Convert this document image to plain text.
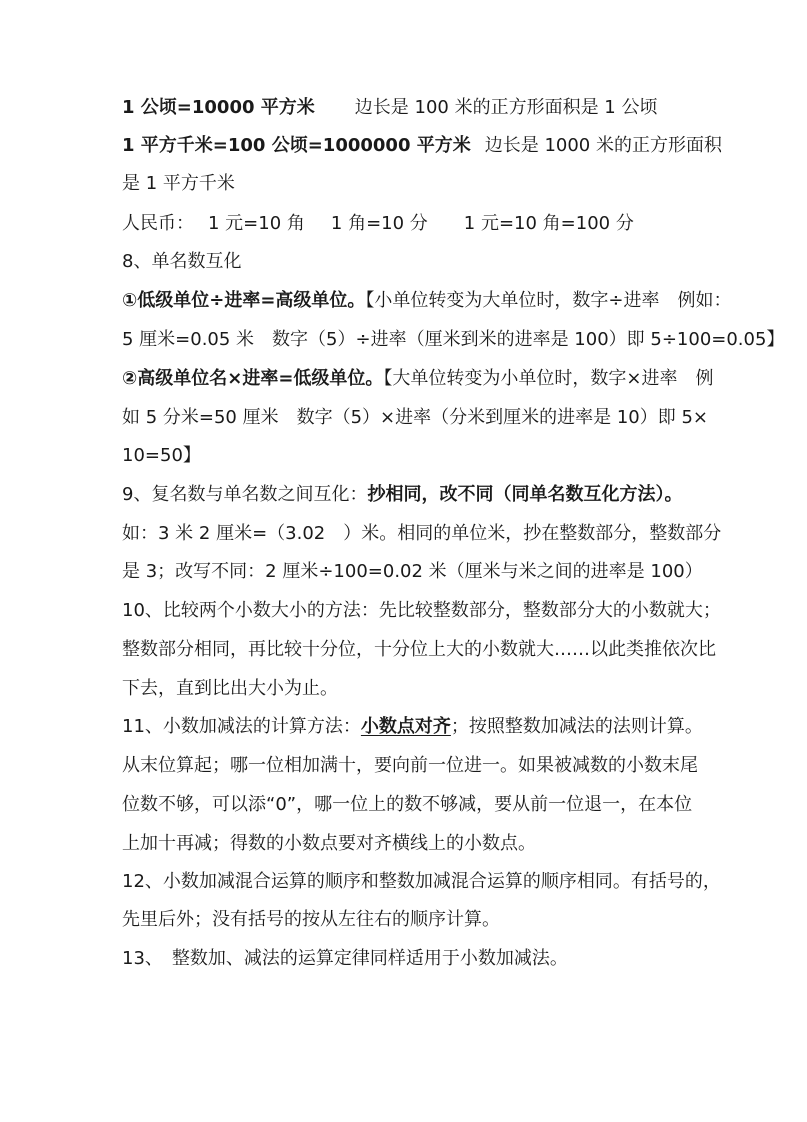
1 公顷=10000 平方米 边长是 100 米的正方形面积是 1 公顷
1 平方千米=100 公顷=1000000 平方米 边长是 1000 米的正方形面积
是 1 平方千米
人民币： 1 元=10 角 1 角=10 分 1 元=10 角=100 分
8、单名数互化
①低级单位÷进率=高级单位。【小单位转变为大单位时，数字÷进率　例如：
5 厘米=0.05 米　数字（5）÷进率（厘米到米的进率是 100）即 5÷100=0.05】
②高级单位名×进率=低级单位。【大单位转变为小单位时，数字×进率　例
如 5 分米=50 厘米　数字（5）×进率（分米到厘米的进率是 10）即 5×
10=50】
9、复名数与单名数之间互化：抄相同，改不同（同单名数互化方法）。
如：3 米 2 厘米=（3.02　）米。相同的单位米，抄在整数部分，整数部分
是 3；改写不同：2 厘米÷100=0.02 米（厘米与米之间的进率是 100）
10、比较两个小数大小的方法：先比较整数部分，整数部分大的小数就大；
整数部分相同，再比较十分位，十分位上大的小数就大……以此类推依次比
下去，直到比出大小为止。
11、小数加减法的计算方法：小数点对齐；按照整数加减法的法则计算。
从末位算起；哪一位相加满十，要向前一位进一。如果被减数的小数末尾
位数不够，可以添“0”，哪一位上的数不够减，要从前一位退一，在本位
上加十再减；得数的小数点要对齐横线上的小数点。
12、小数加减混合运算的顺序和整数加减混合运算的顺序相同。有括号的，
先里后外；没有括号的按从左往右的顺序计算。
13、　整数加、减法的运算定律同样适用于小数加减法。
